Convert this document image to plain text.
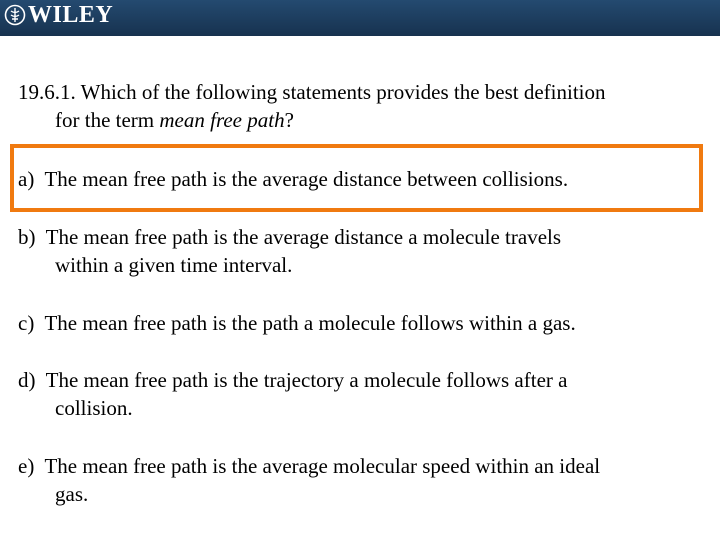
WILEY
19.6.1. Which of the following statements provides the best definition
for the term mean free path?
a) The mean free path is the average distance between collisions.
b) The mean free path is the average distance a molecule travels
within a given time interval.
c) The mean free path is the path a molecule follows within a gas.
d) The mean free path is the trajectory a molecule follows after a
collision.
e) The mean free path is the average molecular speed within an ideal
gas.
